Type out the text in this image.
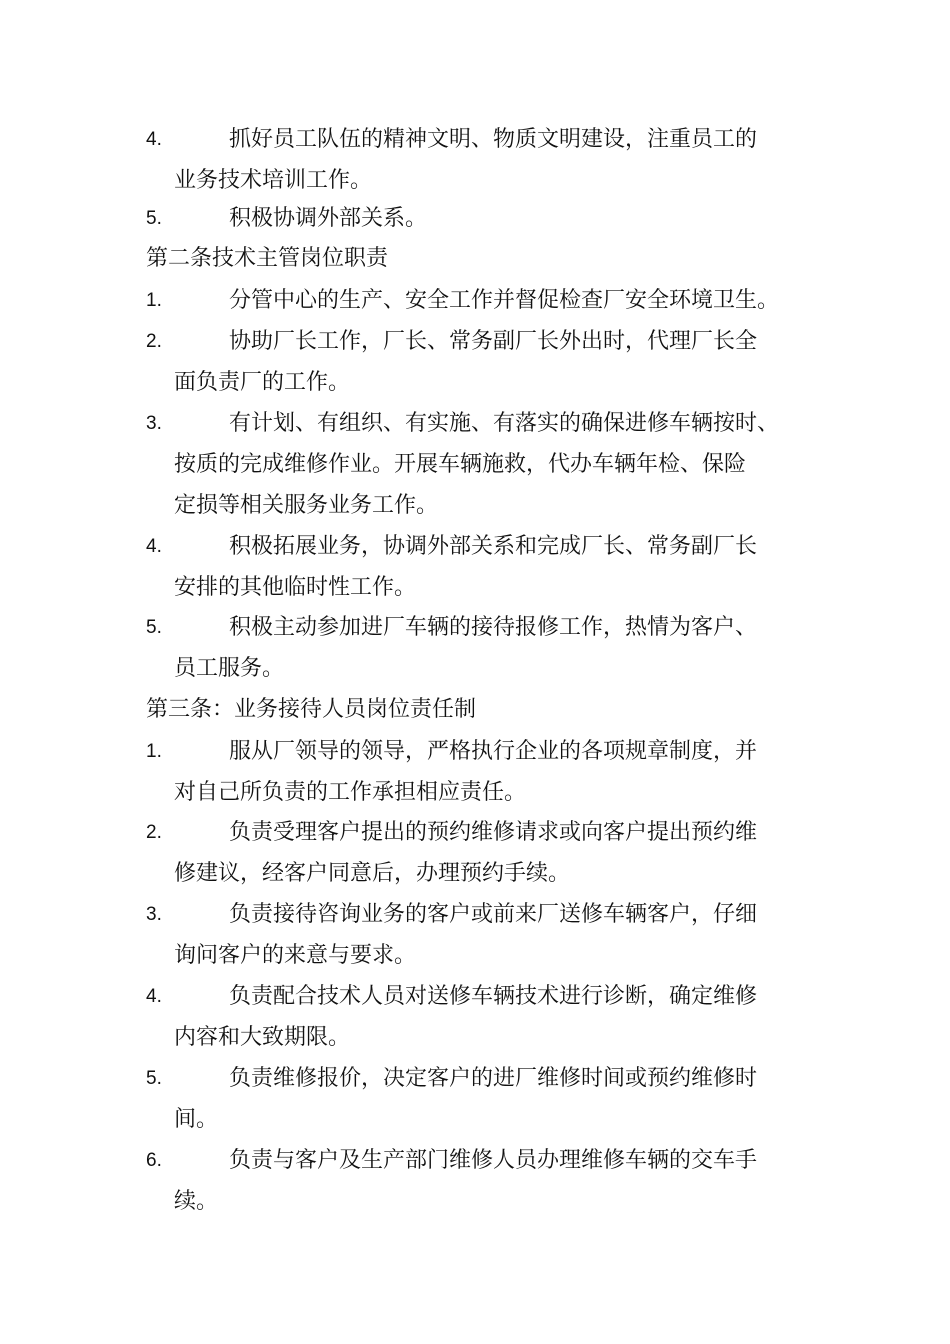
4.	抓好员工队伍的精神文明、物质文明建设，注重员工的
业务技术培训工作。
5.	积极协调外部关系。
第二条技术主管岗位职责
1.	分管中心的生产、安全工作并督促检查厂安全环境卫生。
2.	协助厂长工作，厂长、常务副厂长外出时，代理厂长全
面负责厂的工作。
3.	有计划、有组织、有实施、有落实的确保进修车辆按时、
按质的完成维修作业。开展车辆施救，代办车辆年检、保险
定损等相关服务业务工作。
4.	积极拓展业务，协调外部关系和完成厂长、常务副厂长
安排的其他临时性工作。
5.	积极主动参加进厂车辆的接待报修工作，热情为客户、
员工服务。
第三条：业务接待人员岗位责任制
1.	服从厂领导的领导，严格执行企业的各项规章制度，并
对自己所负责的工作承担相应责任。
2.	负责受理客户提出的预约维修请求或向客户提出预约维
修建议，经客户同意后，办理预约手续。
3.	负责接待咨询业务的客户或前来厂送修车辆客户，仔细
询问客户的来意与要求。
4.	负责配合技术人员对送修车辆技术进行诊断，确定维修
内容和大致期限。
5.	负责维修报价，决定客户的进厂维修时间或预约维修时
间。
6.	负责与客户及生产部门维修人员办理维修车辆的交车手
续。
